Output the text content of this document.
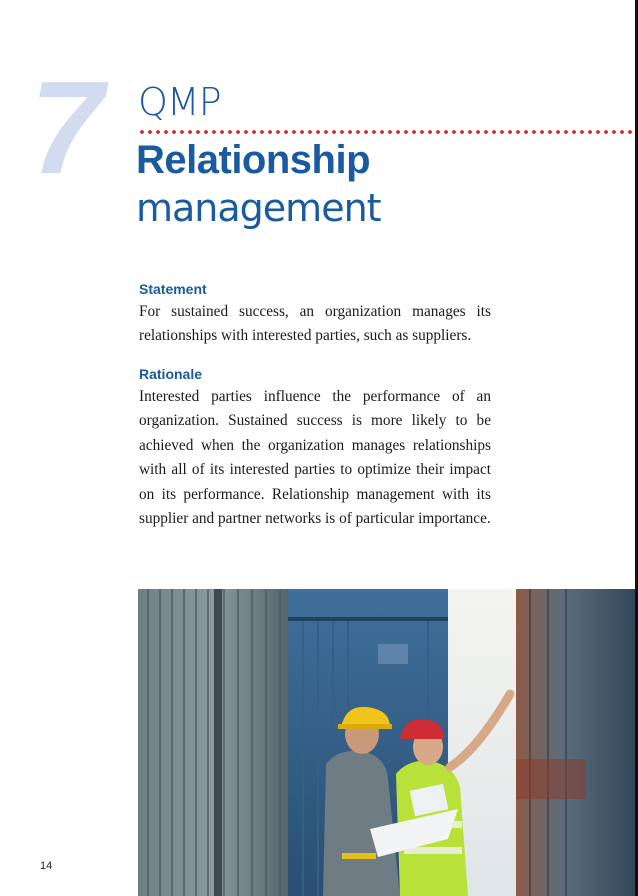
7 QMP
Relationship
management
Statement
For sustained success, an organization manages its relationships with interested parties, such as suppliers.
Rationale
Interested parties influence the performance of an organization. Sustained success is more likely to be achieved when the organization manages relationships with all of its interested parties to optimize their impact on its performance. Relationship management with its supplier and partner networks is of particular importance.
14
